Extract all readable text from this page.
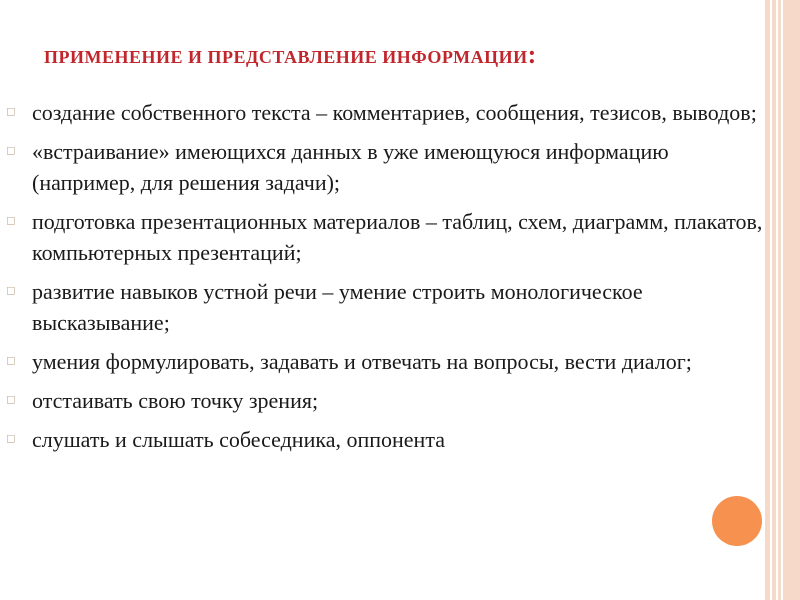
ПРИМЕНЕНИЕ И ПРЕДСТАВЛЕНИЕ ИНФОРМАЦИИ:
◻ создание собственного текста – комментариев, сообщения, тезисов, выводов;
◻ «встраивание» имеющихся данных в уже имеющуюся информацию (например, для решения задачи);
◻ подготовка презентационных материалов – таблиц, схем, диаграмм, плакатов, компьютерных презентаций;
◻ развитие навыков устной речи – умение строить монологическое высказывание;
◻ умения формулировать, задавать и отвечать на вопросы, вести диалог;
◻ отстаивать свою точку зрения;
◻ слушать и слышать собеседника, оппонента
